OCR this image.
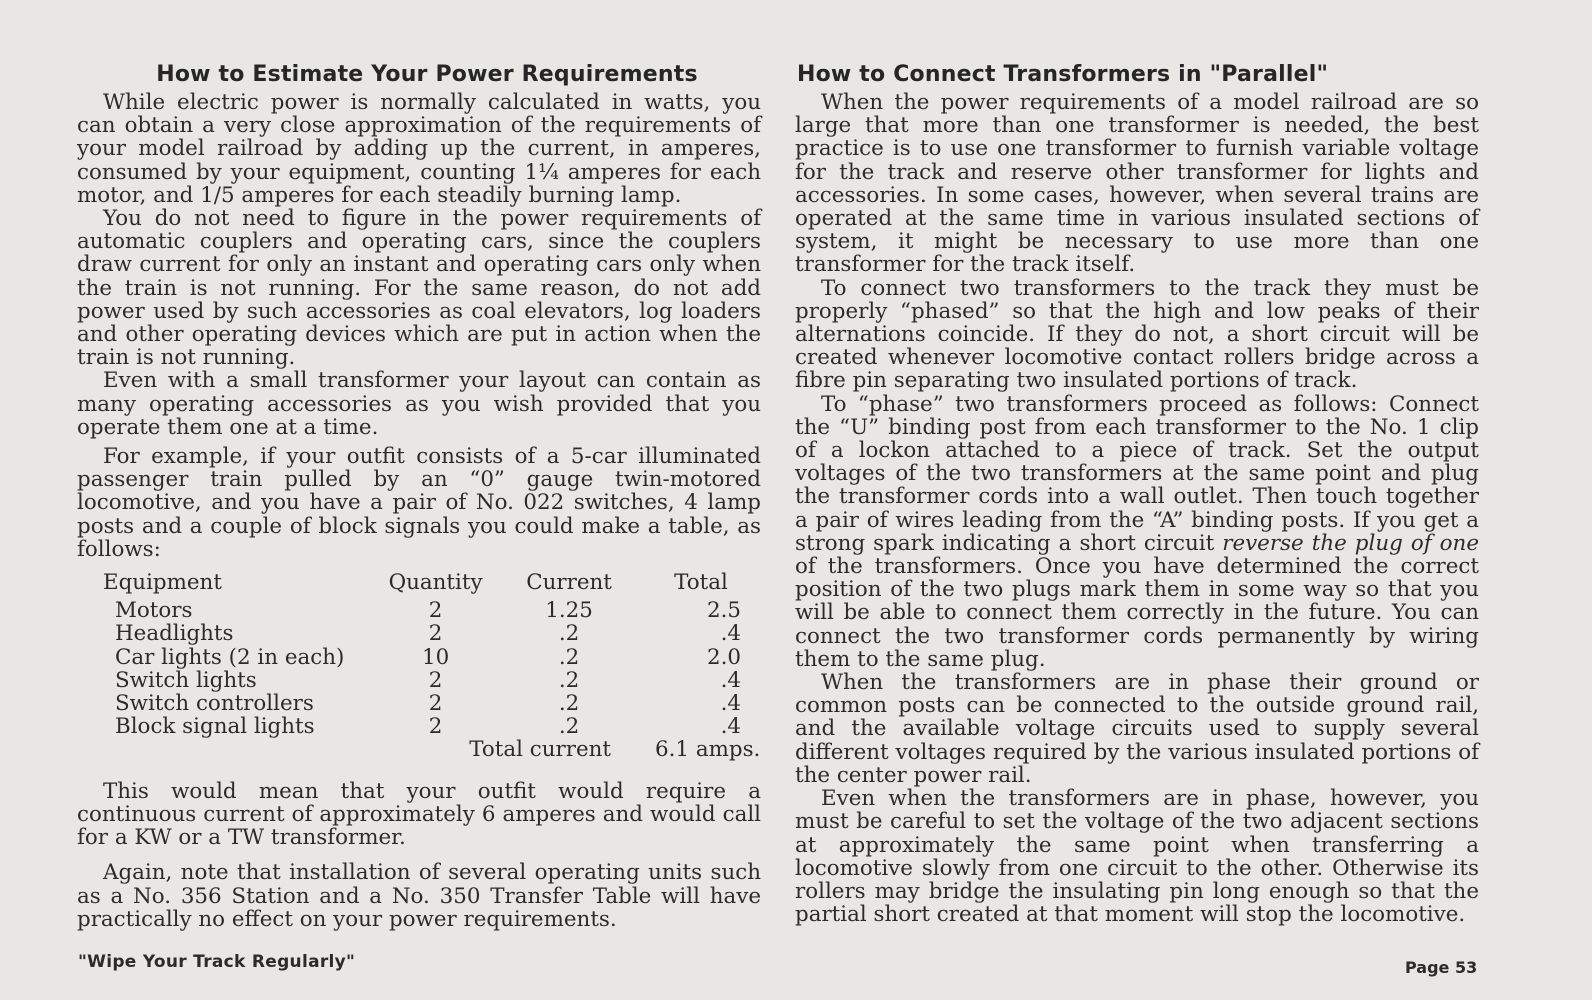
How to Estimate Your Power Requirements

While electric power is normally calculated in watts, you can obtain a very close approximation of the requirements of your model railroad by adding up the current, in amperes, consumed by your equipment, counting 1¼ amperes for each motor, and 1/5 amperes for each steadily burning lamp.

You do not need to figure in the power requirements of automatic couplers and operating cars, since the couplers draw current for only an instant and operating cars only when the train is not running. For the same reason, do not add power used by such accessories as coal elevators, log loaders and other operating devices which are put in action when the train is not running.

Even with a small transformer your layout can contain as many operating accessories as you wish provided that you operate them one at a time.

For example, if your outfit consists of a 5-car illuminated passenger train pulled by an “0” gauge twin-motored locomotive, and you have a pair of No. 022 switches, 4 lamp posts and a couple of block signals you could make a table, as follows:

Equipment	Quantity	Current	Total
Motors	2	1.25	2.5
Headlights	2	.2	.4
Car lights (2 in each)	10	.2	2.0
Switch lights	2	.2	.4
Switch controllers	2	.2	.4
Block signal lights	2	.2	.4
	Total current		6.1 amps.

This would mean that your outfit would require a continuous current of approximately 6 amperes and would call for a KW or a TW transformer.

Again, note that installation of several operating units such as a No. 356 Station and a No. 350 Transfer Table will have practically no effect on your power requirements.

How to Connect Transformers in "Parallel"

When the power requirements of a model railroad are so large that more than one transformer is needed, the best practice is to use one transformer to furnish variable voltage for the track and reserve other transformer for lights and accessories. In some cases, however, when several trains are operated at the same time in various insulated sections of system, it might be necessary to use more than one transformer for the track itself.

To connect two transformers to the track they must be properly “phased” so that the high and low peaks of their alternations coincide. If they do not, a short circuit will be created whenever locomotive contact rollers bridge across a fibre pin separating two insulated portions of track.

To “phase” two transformers proceed as follows: Connect the “U” binding post from each transformer to the No. 1 clip of a lockon attached to a piece of track. Set the output voltages of the two transformers at the same point and plug the transformer cords into a wall outlet. Then touch together a pair of wires leading from the “A” binding posts. If you get a strong spark indicating a short circuit reverse the plug of one of the transformers. Once you have determined the correct position of the two plugs mark them in some way so that you will be able to connect them correctly in the future. You can connect the two transformer cords permanently by wiring them to the same plug.

When the transformers are in phase their ground or common posts can be connected to the outside ground rail, and the available voltage circuits used to supply several different voltages required by the various insulated portions of the center power rail.

Even when the transformers are in phase, however, you must be careful to set the voltage of the two adjacent sections at approximately the same point when transferring a locomotive slowly from one circuit to the other. Otherwise its rollers may bridge the insulating pin long enough so that the partial short created at that moment will stop the locomotive.

"Wipe Your Track Regularly"	Page 53
